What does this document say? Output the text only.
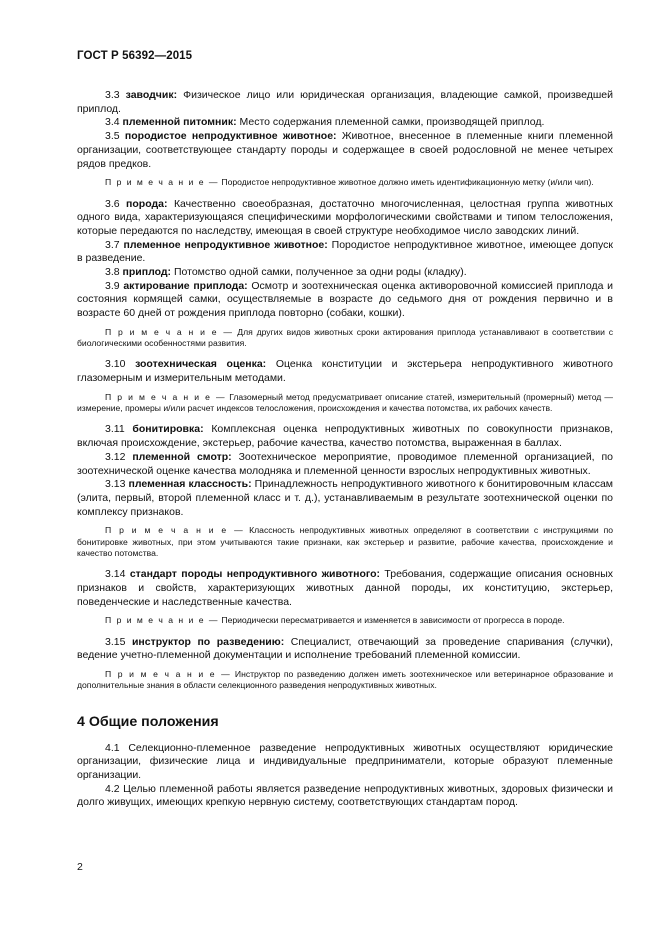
ГОСТ Р 56392—2015

3.3 заводчик: Физическое лицо или юридическая организация, владеющие самкой, произведшей приплод.

3.4 племенной питомник: Место содержания племенной самки, производящей приплод.

3.5 породистое непродуктивное животное: Животное, внесенное в племенные книги племенной организации, соответствующее стандарту породы и содержащее в своей родословной не менее четырех рядов предков.

П р и м е ч а н и е — Породистое непродуктивное животное должно иметь идентификационную метку (и/или чип).

3.6 порода: Качественно своеобразная, достаточно многочисленная, целостная группа животных одного вида, характеризующаяся специфическими морфологическими свойствами и типом телосложения, которые передаются по наследству, имеющая в своей структуре необходимое число заводских линий.

3.7 племенное непродуктивное животное: Породистое непродуктивное животное, имеющее допуск в разведение.

3.8 приплод: Потомство одной самки, полученное за одни роды (кладку).

3.9 актирование приплода: Осмотр и зоотехническая оценка активоровочной комиссией приплода и состояния кормящей самки, осуществляемые в возрасте до седьмого дня от рождения первично и в возрасте 60 дней от рождения приплода повторно (собаки, кошки).

П р и м е ч а н и е — Для других видов животных сроки актирования приплода устанавливают в соответствии с биологическими особенностями развития.

3.10 зоотехническая оценка: Оценка конституции и экстерьера непродуктивного животного глазомерным и измерительным методами.

П р и м е ч а н и е — Глазомерный метод предусматривает описание статей, измерительный (промерный) метод — измерение, промеры и/или расчет индексов телосложения, происхождения и качества потомства, их рабочих качеств.

3.11 бонитировка: Комплексная оценка непродуктивных животных по совокупности признаков, включая происхождение, экстерьер, рабочие качества, качество потомства, выраженная в баллах.

3.12 племенной смотр: Зоотехническое мероприятие, проводимое племенной организацией, по зоотехнической оценке качества молодняка и племенной ценности взрослых непродуктивных животных.

3.13 племенная классность: Принадлежность непродуктивного животного к бонитировочным классам (элита, первый, второй племенной класс и т. д.), устанавливаемым в результате зоотехнической оценки по комплексу признаков.

П р и м е ч а н и е — Классность непродуктивных животных определяют в соответствии с инструкциями по бонитировке животных, при этом учитываются такие признаки, как экстерьер и развитие, рабочие качества, происхождение и качество потомства.

3.14 стандарт породы непродуктивного животного: Требования, содержащие описания основных признаков и свойств, характеризующих животных данной породы, их конституцию, экстерьер, поведенческие и наследственные качества.

П р и м е ч а н и е — Периодически пересматривается и изменяется в зависимости от прогресса в породе.

3.15 инструктор по разведению: Специалист, отвечающий за проведение спаривания (случки), ведение учетно-племенной документации и исполнение требований племенной комиссии.

П р и м е ч а н и е — Инструктор по разведению должен иметь зоотехническое или ветеринарное образование и дополнительные знания в области селекционного разведения непродуктивных животных.

4 Общие положения

4.1 Селекционно-племенное разведение непродуктивных животных осуществляют юридические организации, физические лица и индивидуальные предприниматели, которые образуют племенные организации.

4.2 Целью племенной работы является разведение непродуктивных животных, здоровых физически и долго живущих, имеющих крепкую нервную систему, соответствующих стандартам пород.

2
